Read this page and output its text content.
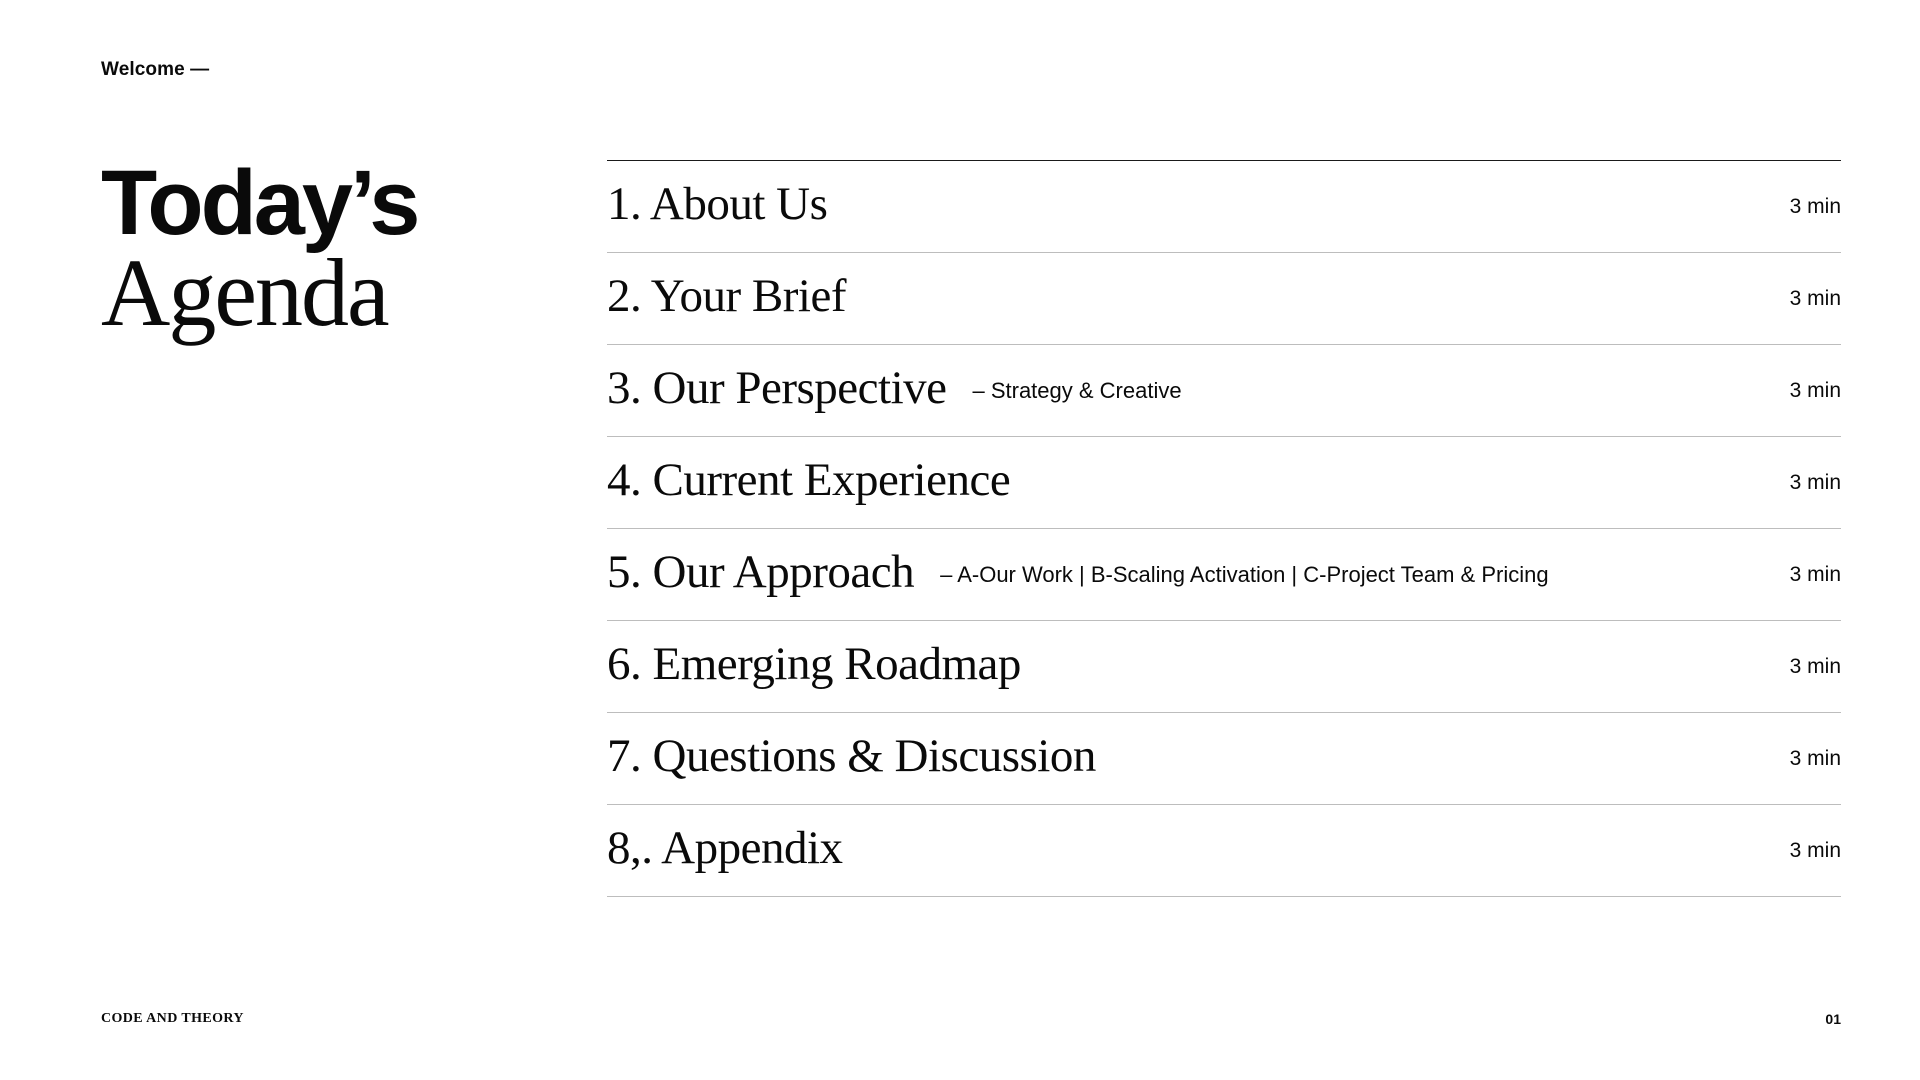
Welcome —
Today’s
Agenda
1. About Us	3 min
2. Your Brief	3 min
3. Our Perspective – Strategy & Creative	3 min
4. Current Experience	3 min
5. Our Approach – A-Our Work | B-Scaling Activation | C-Project Team & Pricing	3 min
6. Emerging Roadmap	3 min
7. Questions & Discussion	3 min
8,. Appendix	3 min
CODE AND THEORY	01
